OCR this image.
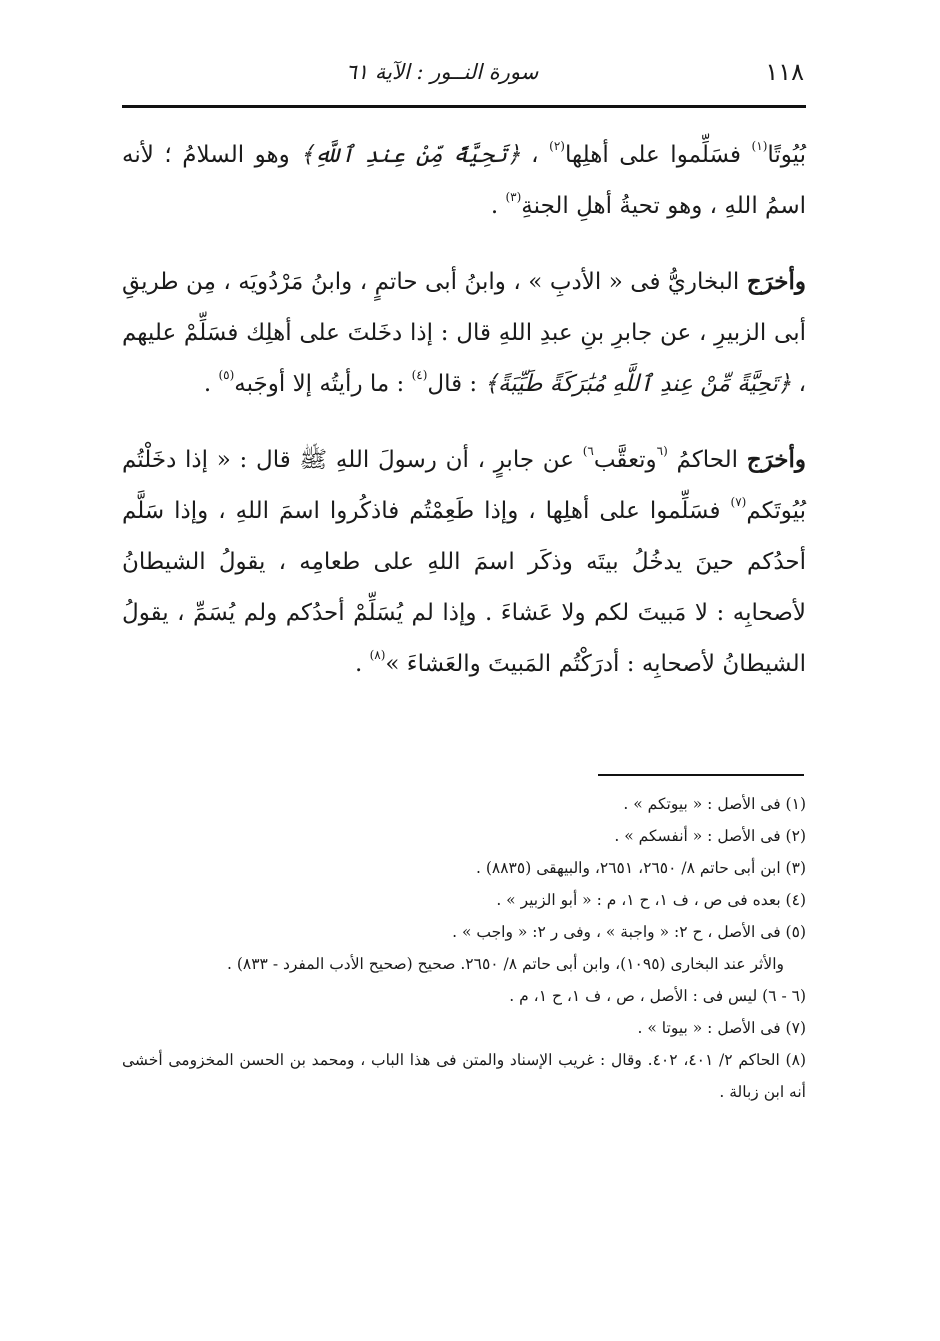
١١٨
سورة النــور : الآية ٦١

بُيُوتًا$^{(١)}$ فسَلِّموا على أهلِها$^{(٢)}$ ، ﴿تَحِيَّةً مِّنْ عِندِ ٱللَّهِ﴾ وهو السلامُ ؛ لأنه اسمُ اللهِ ، وهو تحيةُ أهلِ الجنةِ$^{(٣)}$ .

وأخرَج البخاريُّ فى « الأدبِ » ، وابنُ أبى حاتمٍ ، وابنُ مَرْدُويَه ، مِن طريقِ أبى الزبيرِ ، عن جابرِ بنِ عبدِ اللهِ قال : إذا دخَلتَ على أهلِك فسَلِّمْ عليهم ، ﴿تَحِيَّةً مِّنْ عِندِ ٱللَّهِ مُبَٰرَكَةً طَيِّبَةً﴾ : قال$^{(٤)}$ : ما رأيتُه إلا أوجَبه$^{(٥)}$ .

وأخرَج الحاكمُ $^{(٦}$وتعقَّب$^{٦)}$ عن جابرٍ ، أن رسولَ اللهِ ﷺ قال : « إذا دخَلْتُم بُيُوتَكم$^{(٧)}$ فسَلِّموا على أهلِها ، وإذا طَعِمْتُم فاذكُروا اسمَ اللهِ ، وإذا سَلَّم أحدُكم حينَ يدخُلُ بيتَه وذكَر اسمَ اللهِ على طعامِه ، يقولُ الشيطانُ لأصحابِه : لا مَبيتَ لكم ولا عَشاءَ . وإذا لم يُسَلِّمْ أحدُكم ولم يُسَمِّ ، يقولُ الشيطانُ لأصحابِه : أدرَكْتُم المَبيتَ والعَشاءَ »$^{(٨)}$ .

(١) فى الأصل : « بيوتكم » .

(٢) فى الأصل : « أنفسكم » .

(٣) ابن أبى حاتم ٨/ ٢٦٥٠، ٢٦٥١، والبيهقى (٨٨٣٥) .

(٤) بعده فى ص ، ف ١، ح ١، م : « أبو الزبير » .

(٥) فى الأصل ، ح ٢: « واجبة » ، وفى ر ٢: « واجب » .

والأثر عند البخارى (١٠٩٥)، وابن أبى حاتم ٨/ ٢٦٥٠. صحيح (صحيح الأدب المفرد - ٨٣٣) .

(٦ - ٦) ليس فى : الأصل ، ص ، ف ١، ح ١، م .

(٧) فى الأصل : « بيوتا » .

(٨) الحاكم ٢/ ٤٠١، ٤٠٢. وقال : غريب الإسناد والمتن فى هذا الباب ، ومحمد بن الحسن المخزومى أخشى أنه ابن زبالة .
